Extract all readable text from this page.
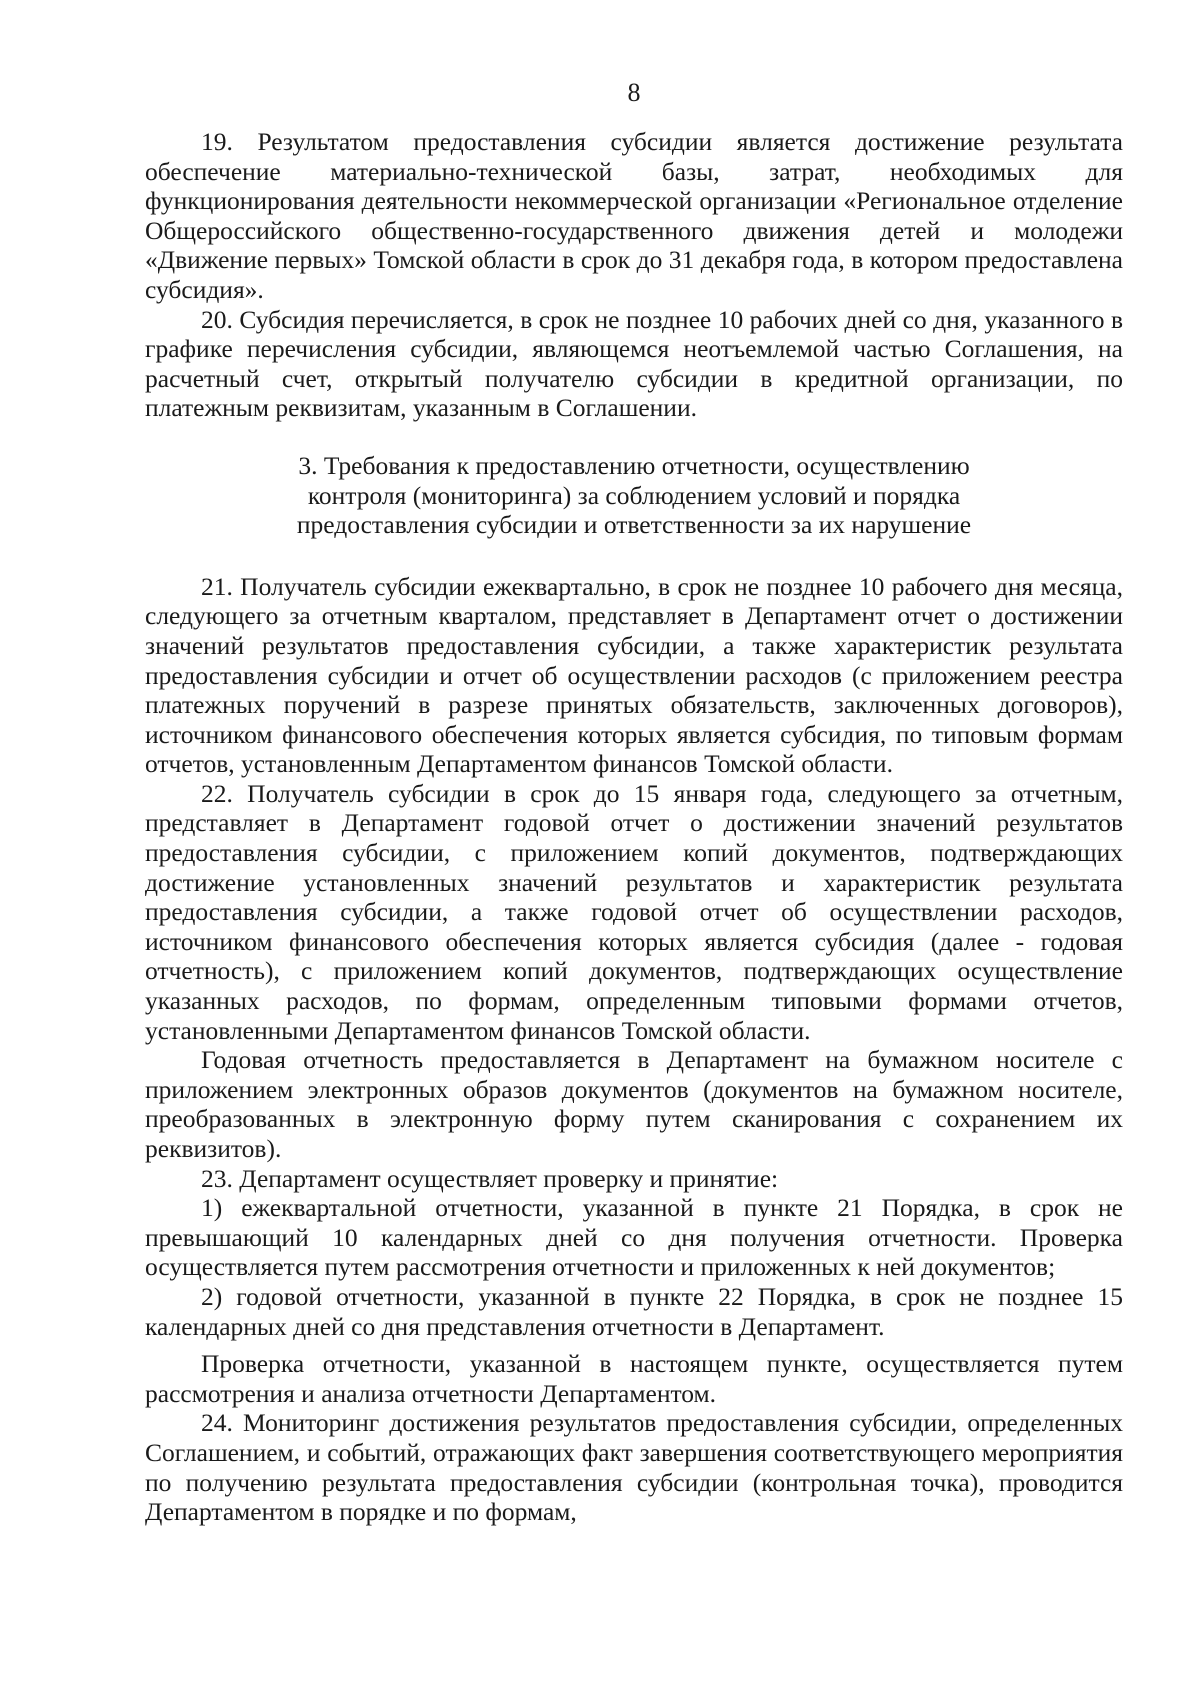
8

19. Результатом предоставления субсидии является достижение результата обеспечение материально-технической базы, затрат, необходимых для функционирования деятельности некоммерческой организации «Региональное отделение Общероссийского общественно-государственного движения детей и молодежи «Движение первых» Томской области в срок до 31 декабря года, в котором предоставлена субсидия».

20. Субсидия перечисляется, в срок не позднее 10 рабочих дней со дня, указанного в графике перечисления субсидии, являющемся неотъемлемой частью Соглашения, на расчетный счет, открытый получателю субсидии в кредитной организации, по платежным реквизитам, указанным в Соглашении.

3. Требования к предоставлению отчетности, осуществлению
контроля (мониторинга) за соблюдением условий и порядка
предоставления субсидии и ответственности за их нарушение

21. Получатель субсидии ежеквартально, в срок не позднее 10 рабочего дня месяца, следующего за отчетным кварталом, представляет в Департамент отчет о достижении значений результатов предоставления субсидии, а также характеристик результата предоставления субсидии и отчет об осуществлении расходов (с приложением реестра платежных поручений в разрезе принятых обязательств, заключенных договоров), источником финансового обеспечения которых является субсидия, по типовым формам отчетов, установленным Департаментом финансов Томской области.

22. Получатель субсидии в срок до 15 января года, следующего за отчетным, представляет в Департамент годовой отчет о достижении значений результатов предоставления субсидии, с приложением копий документов, подтверждающих достижение установленных значений результатов и характеристик результата предоставления субсидии, а также годовой отчет об осуществлении расходов, источником финансового обеспечения которых является субсидия (далее - годовая отчетность), с приложением копий документов, подтверждающих осуществление указанных расходов, по формам, определенным типовыми формами отчетов, установленными Департаментом финансов Томской области.

Годовая отчетность предоставляется в Департамент на бумажном носителе с приложением электронных образов документов (документов на бумажном носителе, преобразованных в электронную форму путем сканирования с сохранением их реквизитов).

23. Департамент осуществляет проверку и принятие:

1) ежеквартальной отчетности, указанной в пункте 21 Порядка, в срок не превышающий 10 календарных дней со дня получения отчетности. Проверка осуществляется путем рассмотрения отчетности и приложенных к ней документов;

2) годовой отчетности, указанной в пункте 22 Порядка, в срок не позднее 15 календарных дней со дня представления отчетности в Департамент.

Проверка отчетности, указанной в настоящем пункте, осуществляется путем рассмотрения и анализа отчетности Департаментом.

24. Мониторинг достижения результатов предоставления субсидии, определенных Соглашением, и событий, отражающих факт завершения соответствующего мероприятия по получению результата предоставления субсидии (контрольная точка), проводится Департаментом в порядке и по формам,
